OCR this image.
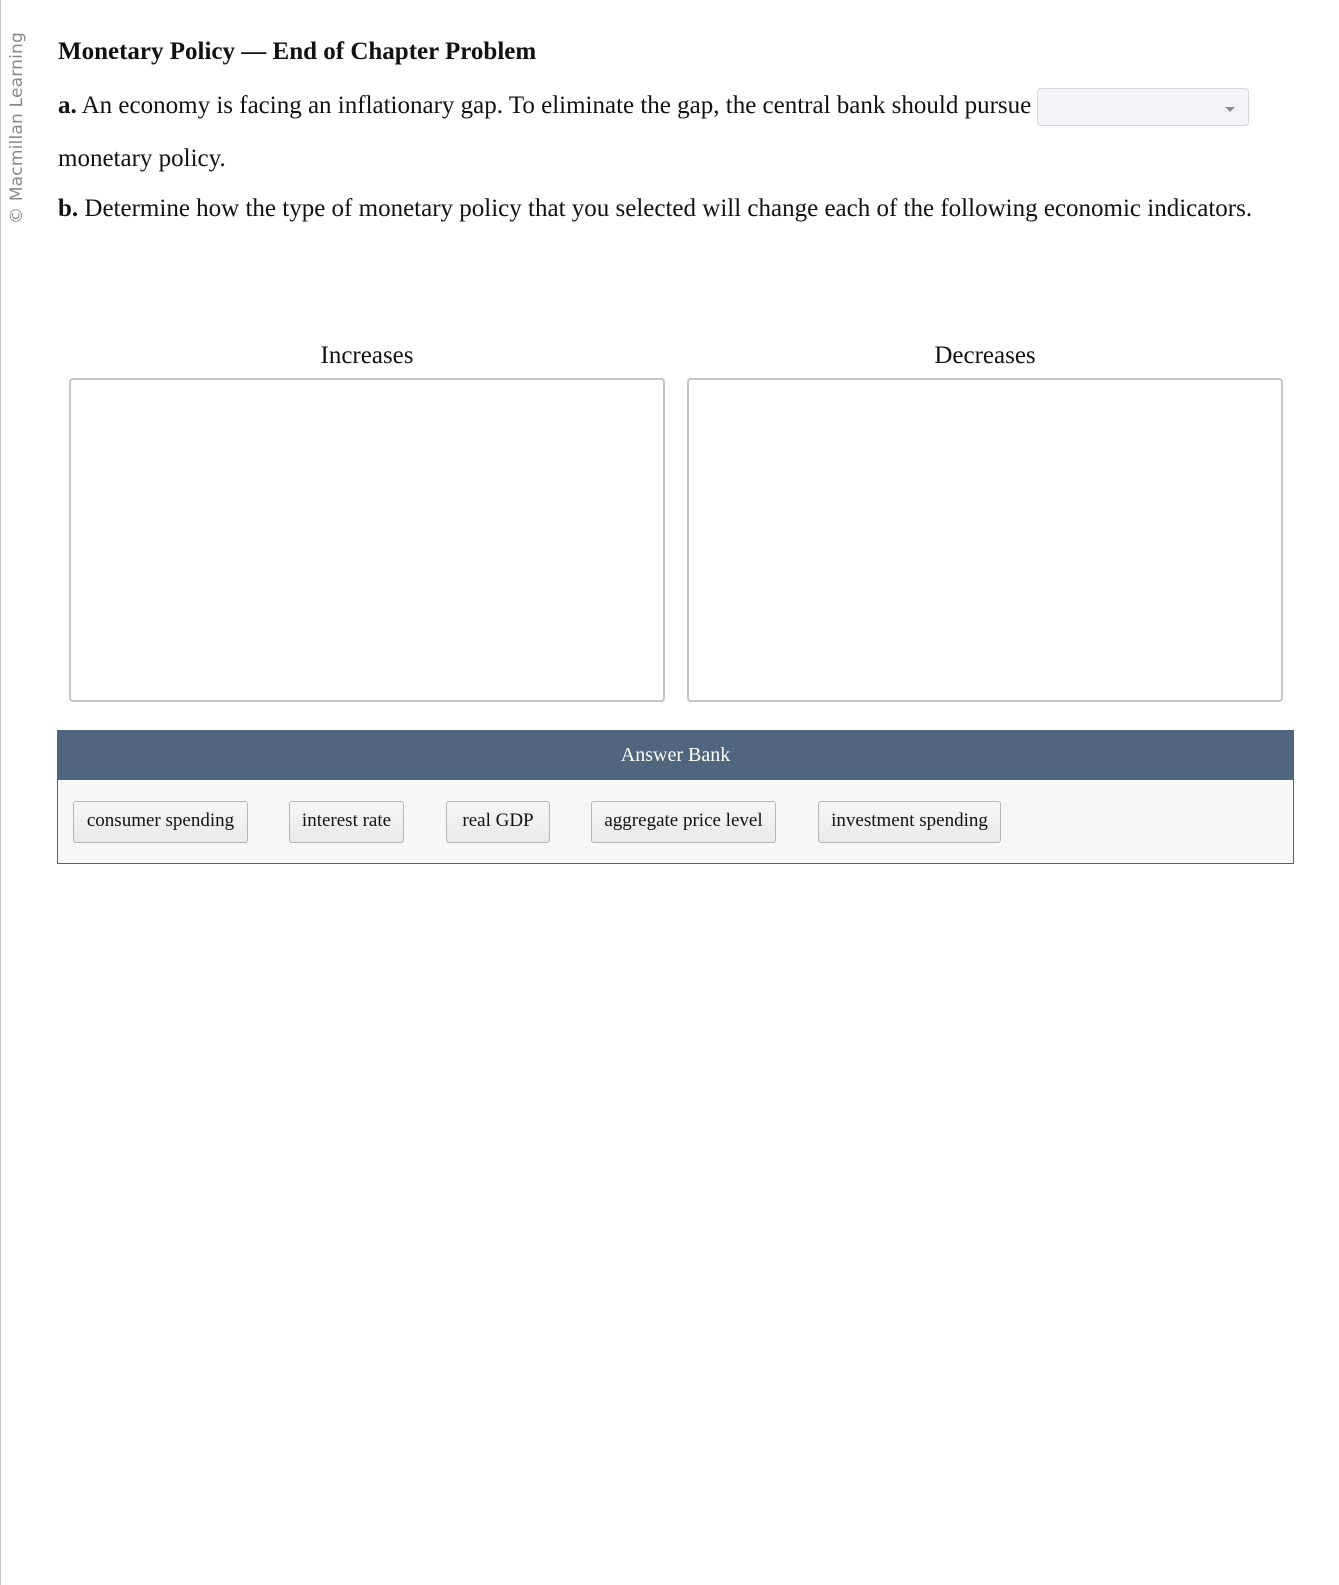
© Macmillan Learning Monetary Policy — End of Chapter Problem
a. An economy is facing an inflationary gap. To eliminate the gap, the central bank should pursue
monetary policy.
b. Determine how the type of monetary policy that you selected will change each of the following economic indicators.
Increases	Decreases
Answer Bank
consumer spending	interest rate	real GDP	aggregate price level	investment spending
